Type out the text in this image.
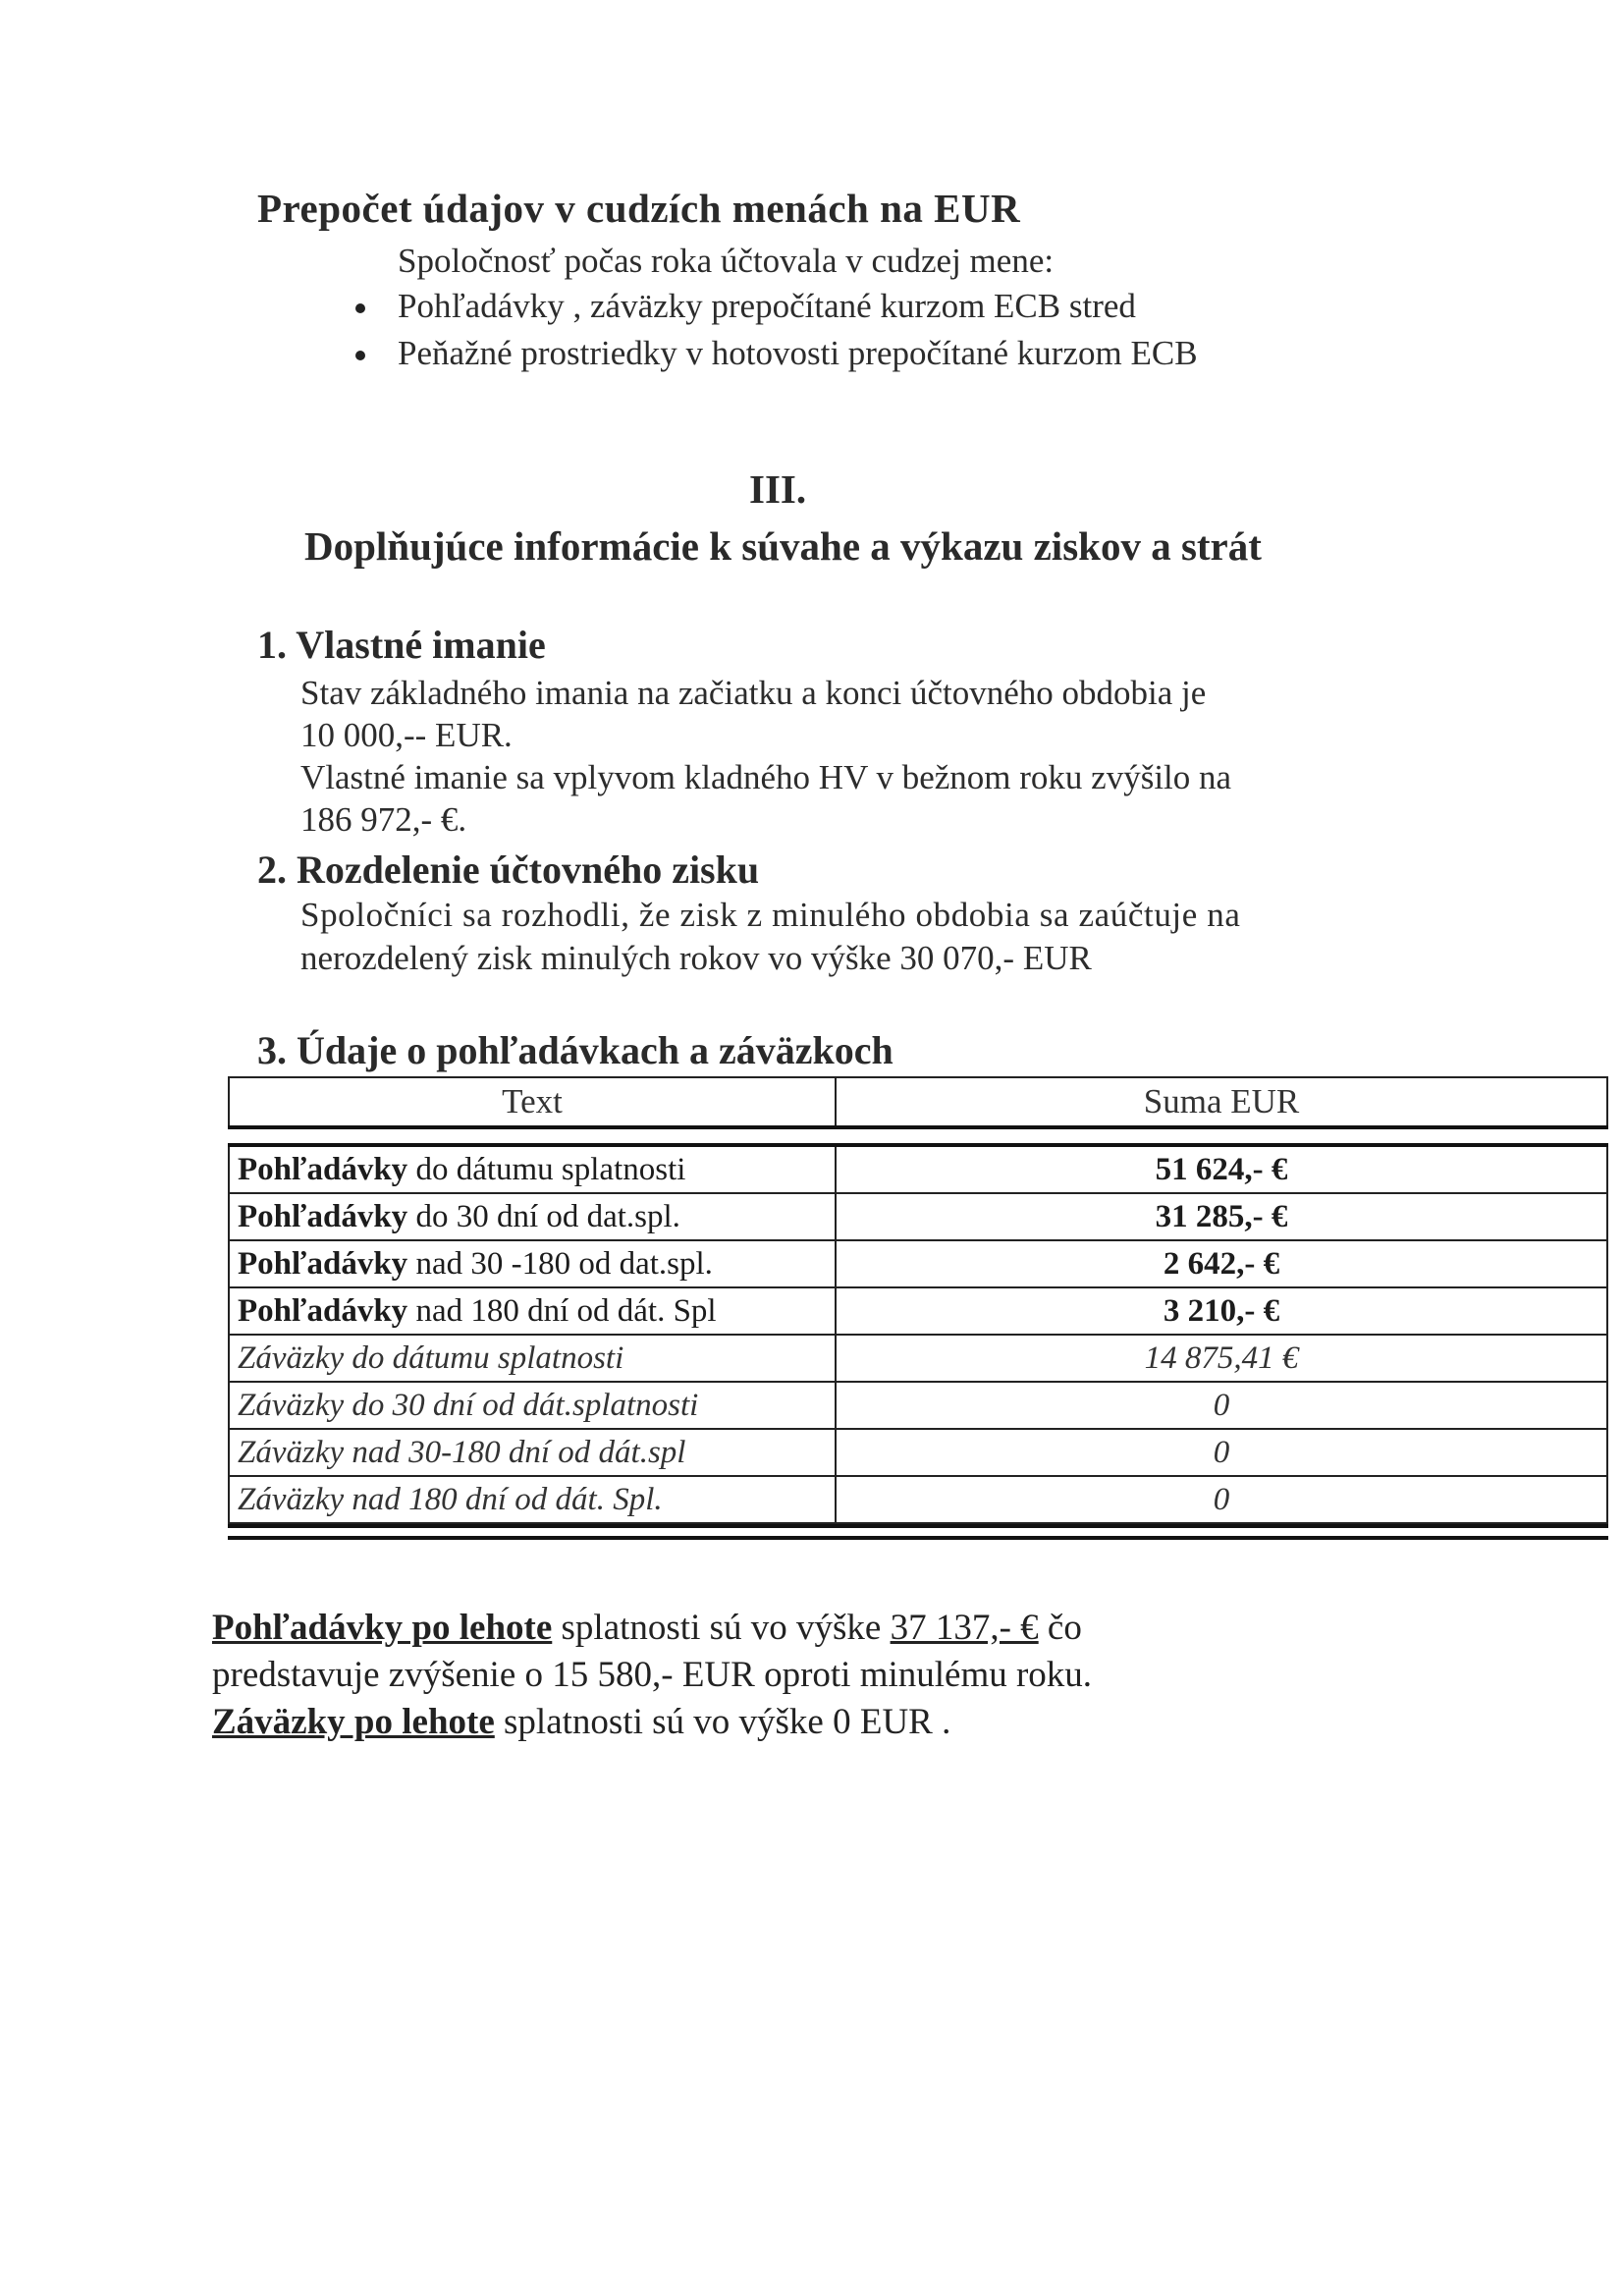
Prepočet údajov v cudzích menách na EUR
Spoločnosť počas roka účtovala v cudzej mene:
Pohľadávky , záväzky prepočítané kurzom ECB stred
Peňažné prostriedky v hotovosti prepočítané kurzom ECB
III.
Doplňujúce informácie k súvahe a výkazu ziskov a strát
1. Vlastné imanie
Stav základného imania na začiatku a konci účtovného obdobia je
10 000,-- EUR.
Vlastné imanie sa vplyvom kladného HV v bežnom roku zvýšilo na
186 972,- €.
2. Rozdelenie účtovného zisku
Spoločníci sa rozhodli, že zisk z minulého obdobia sa zaúčtuje na
nerozdelený zisk minulých rokov vo výške 30 070,- EUR
3. Údaje o pohľadávkach a záväzkoch
Text	Suma EUR

Pohľadávky do dátumu splatnosti	51 624,- €
Pohľadávky do 30 dní od dat.spl.	31 285,- €
Pohľadávky nad 30 -180 od dat.spl.	2 642,- €
Pohľadávky nad 180 dní od dát. Spl	3 210,- €
Záväzky do dátumu splatnosti	14 875,41 €
Záväzky do 30 dní od dát.splatnosti	0
Záväzky nad 30-180 dní od dát.spl	0
Záväzky nad 180 dní od dát. Spl.	0
Pohľadávky po lehote splatnosti sú vo výške 37 137,- € čo
predstavuje zvýšenie o 15 580,- EUR oproti minulému roku.
Záväzky po lehote splatnosti sú vo výške 0 EUR .
